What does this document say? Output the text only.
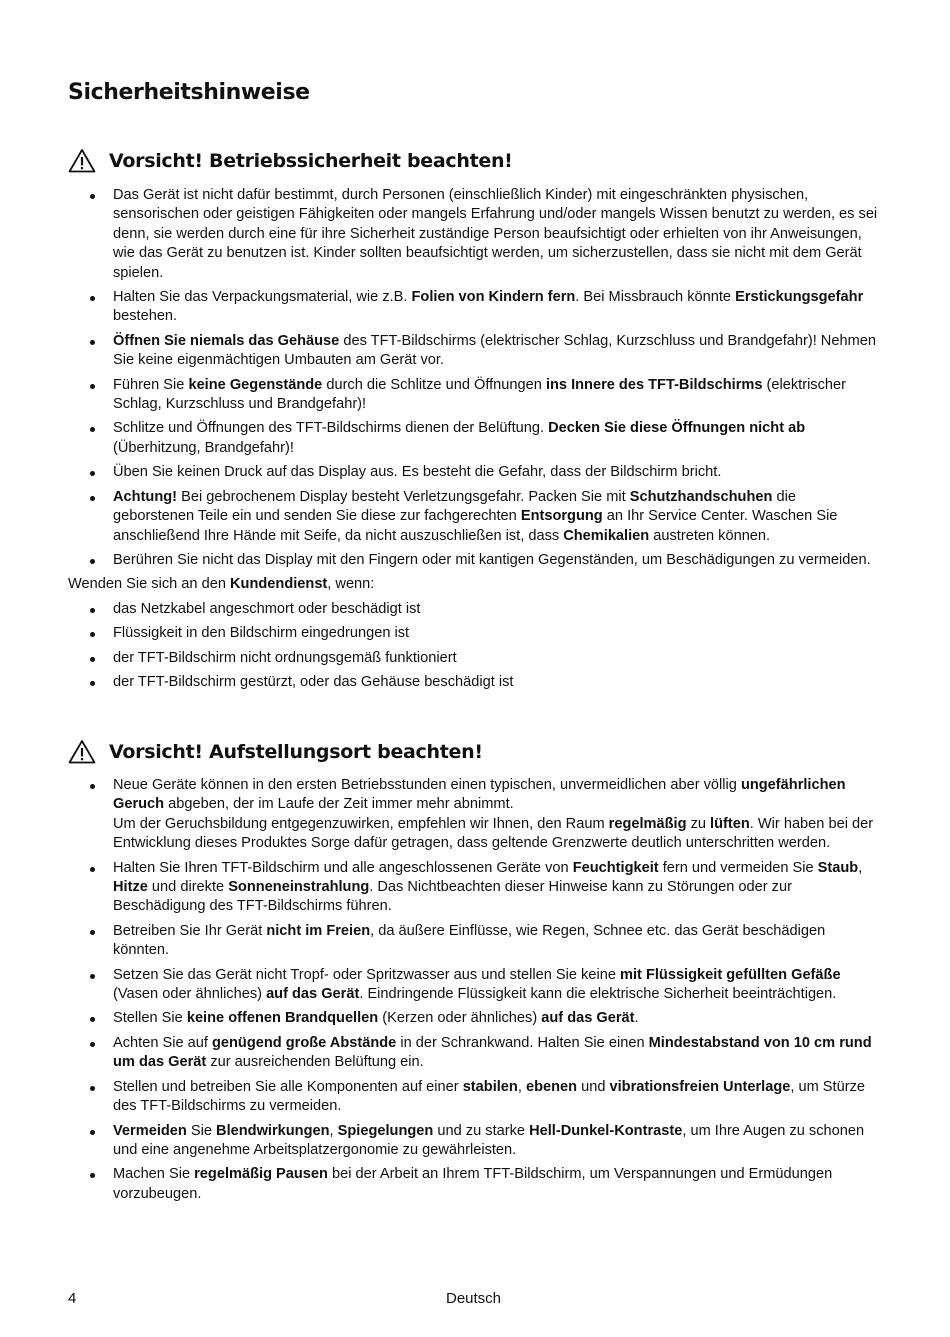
Sicherheitshinweise
Vorsicht! Betriebssicherheit beachten!
Das Gerät ist nicht dafür bestimmt, durch Personen (einschließlich Kinder) mit eingeschränkten physischen, sensorischen oder geistigen Fähigkeiten oder mangels Erfahrung und/oder mangels Wissen benutzt zu werden, es sei denn, sie werden durch eine für ihre Sicherheit zuständige Person beaufsichtigt oder erhielten von ihr Anweisungen, wie das Gerät zu benutzen ist. Kinder sollten beaufsichtigt werden, um sicherzustellen, dass sie nicht mit dem Gerät spielen.
Halten Sie das Verpackungsmaterial, wie z.B. Folien von Kindern fern. Bei Missbrauch könnte Erstickungsgefahr bestehen.
Öffnen Sie niemals das Gehäuse des TFT-Bildschirms (elektrischer Schlag, Kurzschluss und Brandgefahr)! Nehmen Sie keine eigenmächtigen Umbauten am Gerät vor.
Führen Sie keine Gegenstände durch die Schlitze und Öffnungen ins Innere des TFT-Bildschirms (elektrischer Schlag, Kurzschluss und Brandgefahr)!
Schlitze und Öffnungen des TFT-Bildschirms dienen der Belüftung. Decken Sie diese Öffnungen nicht ab (Überhitzung, Brandgefahr)!
Üben Sie keinen Druck auf das Display aus. Es besteht die Gefahr, dass der Bildschirm bricht.
Achtung! Bei gebrochenem Display besteht Verletzungsgefahr. Packen Sie mit Schutzhandschuhen die geborstenen Teile ein und senden Sie diese zur fachgerechten Entsorgung an Ihr Service Center. Waschen Sie anschließend Ihre Hände mit Seife, da nicht auszuschließen ist, dass Chemikalien austreten können.
Berühren Sie nicht das Display mit den Fingern oder mit kantigen Gegenständen, um Beschädigungen zu vermeiden.

Wenden Sie sich an den Kundendienst, wenn:

das Netzkabel angeschmort oder beschädigt ist
Flüssigkeit in den Bildschirm eingedrungen ist
der TFT-Bildschirm nicht ordnungsgemäß funktioniert
der TFT-Bildschirm gestürzt, oder das Gehäuse beschädigt ist
Vorsicht! Aufstellungsort beachten!
Neue Geräte können in den ersten Betriebsstunden einen typischen, unvermeidlichen aber völlig ungefährlichen Geruch abgeben, der im Laufe der Zeit immer mehr abnimmt.
Um der Geruchsbildung entgegenzuwirken, empfehlen wir Ihnen, den Raum regelmäßig zu lüften. Wir haben bei der Entwicklung dieses Produktes Sorge dafür getragen, dass geltende Grenzwerte deutlich unterschritten werden.
Halten Sie Ihren TFT-Bildschirm und alle angeschlossenen Geräte von Feuchtigkeit fern und vermeiden Sie Staub, Hitze und direkte Sonneneinstrahlung. Das Nichtbeachten dieser Hinweise kann zu Störungen oder zur Beschädigung des TFT-Bildschirms führen.
Betreiben Sie Ihr Gerät nicht im Freien, da äußere Einflüsse, wie Regen, Schnee etc. das Gerät beschädigen könnten.
Setzen Sie das Gerät nicht Tropf- oder Spritzwasser aus und stellen Sie keine mit Flüssigkeit gefüllten Gefäße (Vasen oder ähnliches) auf das Gerät. Eindringende Flüssigkeit kann die elektrische Sicherheit beeinträchtigen.
Stellen Sie keine offenen Brandquellen (Kerzen oder ähnliches) auf das Gerät.
Achten Sie auf genügend große Abstände in der Schrankwand. Halten Sie einen Mindestabstand von 10 cm rund um das Gerät zur ausreichenden Belüftung ein.
Stellen und betreiben Sie alle Komponenten auf einer stabilen, ebenen und vibrationsfreien Unterlage, um Stürze des TFT-Bildschirms zu vermeiden.
Vermeiden Sie Blendwirkungen, Spiegelungen und zu starke Hell-Dunkel-Kontraste, um Ihre Augen zu schonen und eine angenehme Arbeitsplatzergonomie zu gewährleisten.
Machen Sie regelmäßig Pausen bei der Arbeit an Ihrem TFT-Bildschirm, um Verspannungen und Ermüdungen vorzubeugen.
4	Deutsch
